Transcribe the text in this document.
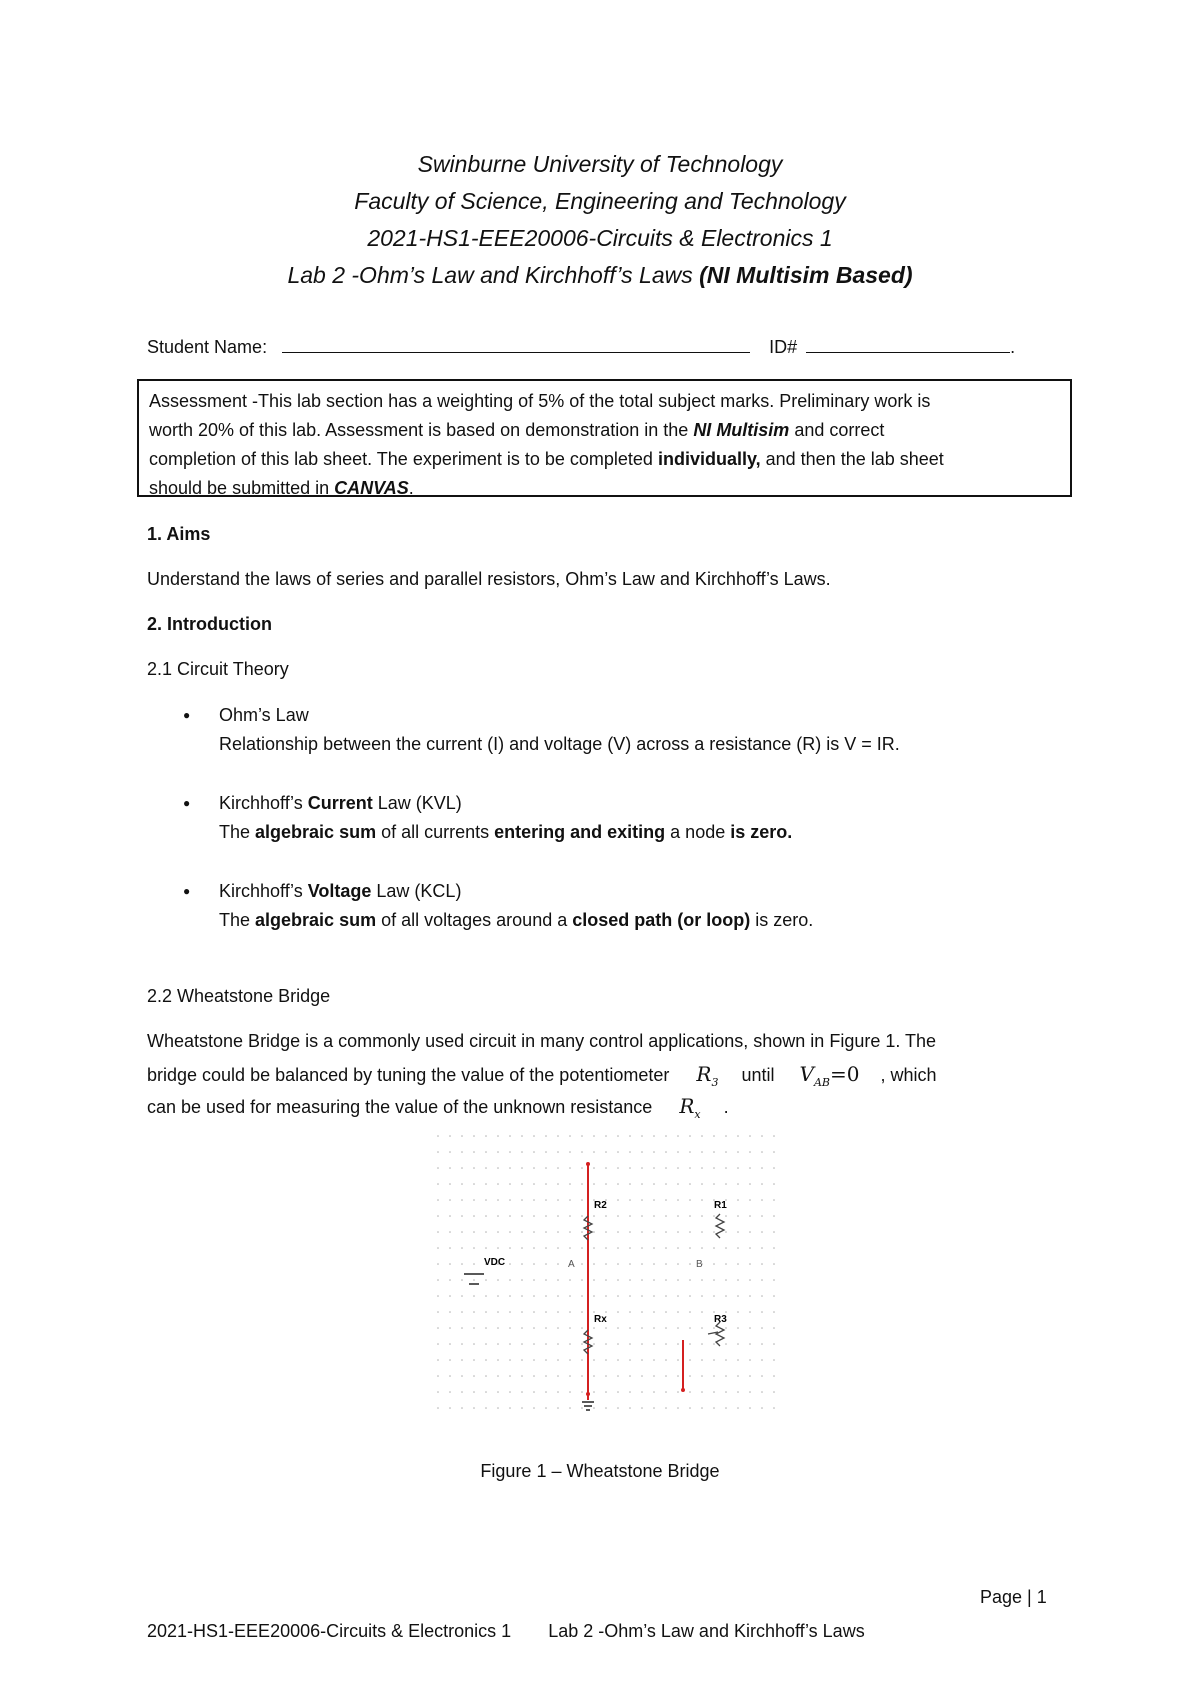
Swinburne University of Technology
Faculty of Science, Engineering and Technology
2021-HS1-EEE20006-Circuits & Electronics 1
Lab 2 -Ohm’s Law and Kirchhoff’s Laws (NI Multisim Based)
Student Name:	ID#	.
Assessment -This lab section has a weighting of 5% of the total subject marks. Preliminary work is
worth 20% of this lab. Assessment is based on demonstration in the NI Multisim and correct
completion of this lab sheet. The experiment is to be completed individually, and then the lab sheet
should be submitted in CANVAS.
1. Aims
Understand the laws of series and parallel resistors, Ohm’s Law and Kirchhoff’s Laws.
2. Introduction
2.1 Circuit Theory
● Ohm’s Law
Relationship between the current (I) and voltage (V) across a resistance (R) is V = IR.
● Kirchhoff’s Current Law (KVL)
The algebraic sum of all currents entering and exiting a node is zero.
● Kirchhoff’s Voltage Law (KCL)
The algebraic sum of all voltages around a closed path (or loop) is zero.
2.2 Wheatstone Bridge
Wheatstone Bridge is a commonly used circuit in many control applications, shown in Figure 1. The
bridge could be balanced by tuning the value of the potentiometer $R_3$ until $V_{AB}=0$ , which
can be used for measuring the value of the unknown resistance $R_x$ .
R2	R1
Rx	R3
VDC	A	B
Figure 1 – Wheatstone Bridge
Page | 1
2021-HS1-EEE20006-Circuits & Electronics 1 Lab 2 -Ohm’s Law and Kirchhoff’s Laws
